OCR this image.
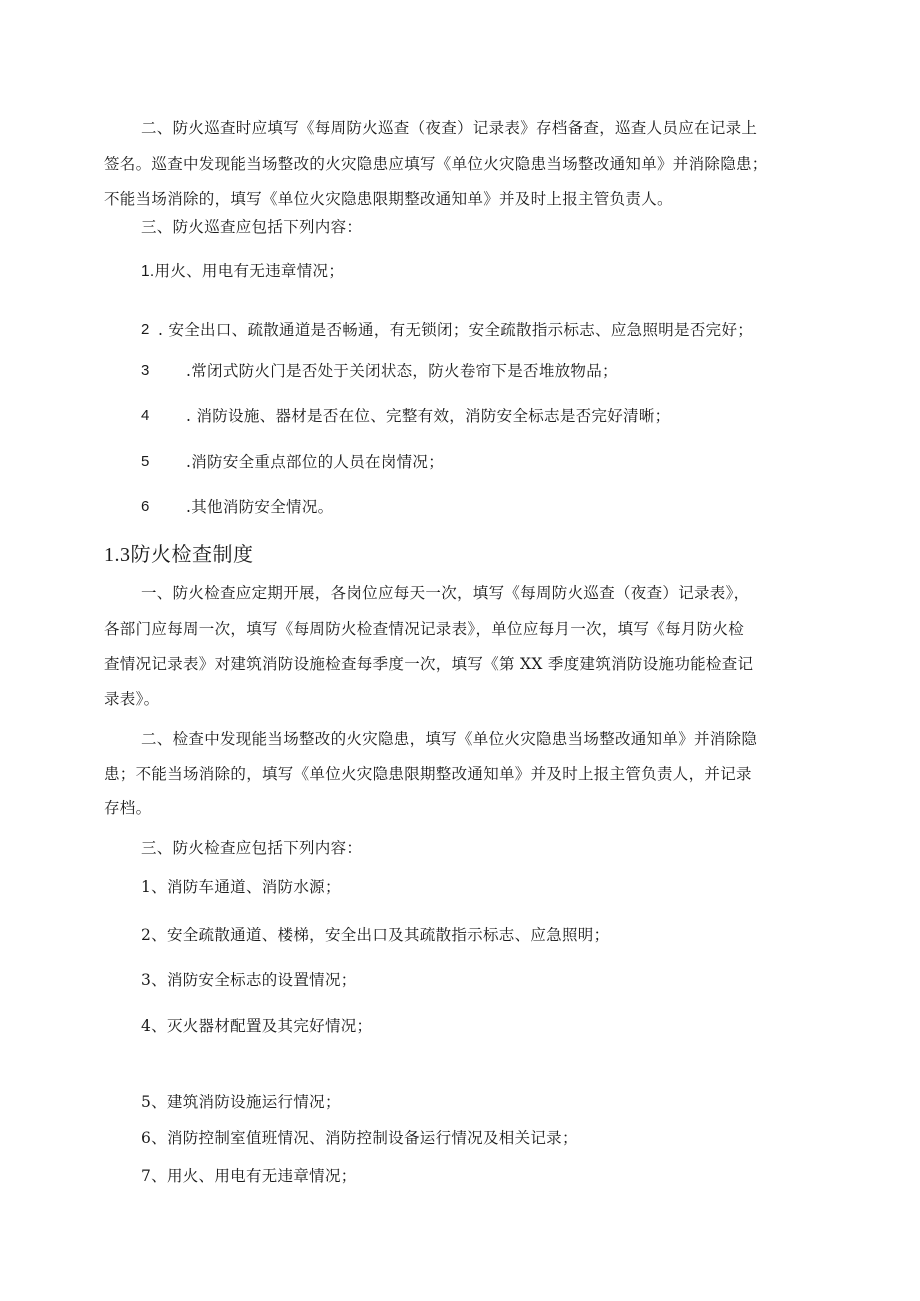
二、防火巡查时应填写《每周防火巡查（夜查）记录表》存档备查，巡查人员应在记录上
签名。巡查中发现能当场整改的火灾隐患应填写《单位火灾隐患当场整改通知单》并消除隐患；
不能当场消除的，填写《单位火灾隐患限期整改通知单》并及时上报主管负责人。
三、防火巡查应包括下列内容：
1.用火、用电有无违章情况；
2 . 安全出口、疏散通道是否畅通，有无锁闭；安全疏散指示标志、应急照明是否完好；
3 .常闭式防火门是否处于关闭状态，防火卷帘下是否堆放物品；
4 . 消防设施、器材是否在位、完整有效，消防安全标志是否完好清晰；
5 .消防安全重点部位的人员在岗情况；
6 .其他消防安全情况。
1.3防火检查制度
一、防火检查应定期开展，各岗位应每天一次，填写《每周防火巡查（夜查）记录表》，
各部门应每周一次，填写《每周防火检查情况记录表》，单位应每月一次，填写《每月防火检
查情况记录表》对建筑消防设施检查每季度一次，填写《第 XX 季度建筑消防设施功能检查记
录表》。
二、检查中发现能当场整改的火灾隐患，填写《单位火灾隐患当场整改通知单》并消除隐
患；不能当场消除的，填写《单位火灾隐患限期整改通知单》并及时上报主管负责人，并记录
存档。
三、防火检查应包括下列内容：
1、消防车通道、消防水源；
2、安全疏散通道、楼梯，安全出口及其疏散指示标志、应急照明；
3、消防安全标志的设置情况；
4、灭火器材配置及其完好情况；
5、建筑消防设施运行情况；
6、消防控制室值班情况、消防控制设备运行情况及相关记录；
7、用火、用电有无违章情况；
